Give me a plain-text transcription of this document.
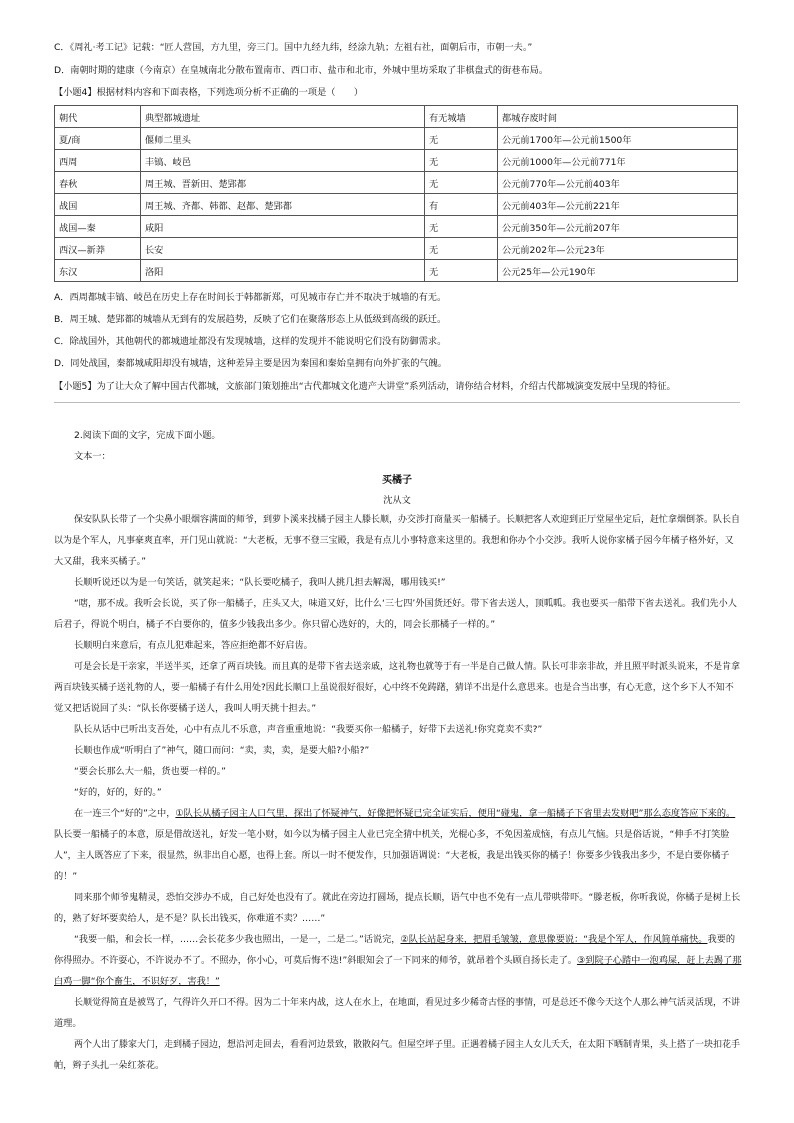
C．《周礼·考工记》记载：“匠人营国，方九里，旁三门。国中九经九纬，经涂九轨；左祖右社，面朝后市，市朝一夫。”

D．南朝时期的建康（今南京）在皇城南北分散布置南市、西口市、盐市和北市，外城中里坊采取了非棋盘式的街巷布局。

【小题4】根据材料内容和下面表格，下列选项分析不正确的一项是（　　）

朝代	典型都城遗址	有无城墙	都城存废时间
夏/商	偃师二里头	无	公元前1700年—公元前1500年
西周	丰镐、岐邑	无	公元前1000年—公元前771年
春秋	周王城、晋新田、楚郢都	无	公元前770年—公元前403年
战国	周王城、齐都、韩都、赵都、楚郢都	有	公元前403年—公元前221年
战国—秦	咸阳	无	公元前350年—公元前207年
西汉—新莽	长安	无	公元前202年—公元23年
东汉	洛阳	无	公元25年—公元190年

A．西周都城丰镐、岐邑在历史上存在时间长于韩都新郑，可见城市存亡并不取决于城墙的有无。

B．周王城、楚郢都的城墙从无到有的发展趋势，反映了它们在聚落形态上从低级到高级的跃迁。

C．除战国外，其他朝代的都城遗址都没有发现城墙，这样的发现并不能说明它们没有防御需求。

D．同处战国，秦都城咸阳却没有城墙，这种差异主要是因为秦国和秦始皇拥有向外扩张的气魄。

【小题5】为了让大众了解中国古代都城，文旅部门策划推出“古代都城文化遗产大讲堂”系列活动，请你结合材料，介绍古代都城演变发展中呈现的特征。

2.阅读下面的文字，完成下面小题。

文本一：

买橘子
沈从文

保安队队长带了一个尖鼻小眼烟容满面的师爷，到萝卜溪来找橘子园主人滕长顺，办交涉打商量买一船橘子。长顺把客人欢迎到正厅堂屋坐定后，赶忙拿烟倒茶。队长自

以为是个军人，凡事豪爽直率，开门见山就说：“大老板，无事不登三宝殿，我是有点儿小事特意来这里的。我想和你办个小交涉。我听人说你家橘子园今年橘子格外好，又

大又甜，我来买橘子。”

长顺听说还以为是一句笑话，就笑起来；“队长要吃橘子，我叫人挑几担去解渴，哪用钱买!”

“嗐，那不成。我听会长说，买了你一船橘子，庄头又大，味道又好，比什么‘三七四’外国货还好。带下省去送人，顶呱呱。我也要买一船带下省去送礼。我们先小人

后君子，得说个明白，橘子不白要你的，值多少钱我出多少。你只留心选好的，大的，同会长那橘子一样的。”

长顺明白来意后，有点儿犯难起来，答应拒绝都不好启齿。

可是会长是干亲家，半送半买，还拿了两百块钱。而且真的是带下省去送亲戚，这礼物也就等于有一半是自己做人情。队长可非亲非故，并且照平时派头说来，不是肯拿

两百块钱买橘子送礼物的人，要一船橘子有什么用处?因此长顺口上虽说很好很好，心中终不免踌躇，猜详不出是什么意思来。也是合当出事，有心无意，这个乡下人不知不

觉又把话说回了头：“队长你要橘子送人，我叫人明天挑十担去。”

队长从话中已听出支吾处，心中有点儿不乐意，声音重重地说：“我要买你一船橘子，好带下去送礼!你究竟卖不卖?”

长顺也作成“听明白了”神气，随口而问：“卖，卖，卖，是要大船?小船?”

“要会长那么大一船，货也要一样的。”

“好的，好的，好的。”

在一连三个“好的”之中，①队长从橘子园主人口气里，探出了怀疑神气，好像把怀疑已完全证实后，便用“碰鬼，拿一船橘子下省里去发财吧”那么态度答应下来的。

队长要一船橘子的本意，原是借故送礼，好发一笔小财，如今以为橘子园主人业已完全猜中机关，光棍心多，不免因羞成恼，有点儿气恼。只是俗话说，“伸手不打笑脸

人”，主人既答应了下来，很显然，纵非出自心愿，也得上套。所以一时不便发作，只加强语调说：“大老板，我是出钱买你的橘子！你要多少钱我出多少，不是白要你橘子

的！”

同来那个师爷鬼精灵，恐怕交涉办不成，自己好处也没有了。就此在旁边打圆场，提点长顺，语气中也不免有一点儿带哄带吓。“滕老板，你听我说，你橘子是树上长

的，熟了好坏要卖给人，是不是？队长出钱买，你难道不卖？……”

“我要一船，和会长一样，……会长花多少我也照出，一是一，二是二。”话说完，②队长站起身来，把眉毛皱皱，意思像要说：“我是个军人，作风简单痛快。我要的

你得照办。不许耍心，不许说办不了。不照办，你小心，可莫后悔不迭!”斜眼知会了一下同来的师爷，就昂着个头顾自扬长走了。③到院子心踏中一泡鸡屎，赶上去踢了那

白鸡一脚“你个畜生，不识好歹，害我！”

长顺觉得简直是被骂了，气得许久开口不得。因为二十年来内战，这人在水上，在地面，看见过多少稀奇古怪的事情，可是总还不像今天这个人那么神气活灵活现，不讲

道理。

两个人出了滕家大门，走到橘子园边，想沿河走回去，看看河边景致，散散闷气。但屋空坪子里。正遇着橘子园主人女儿夭夭，在太阳下晒制青果，头上搭了一块扣花手

帕，辫子头扎一朵红茶花。
